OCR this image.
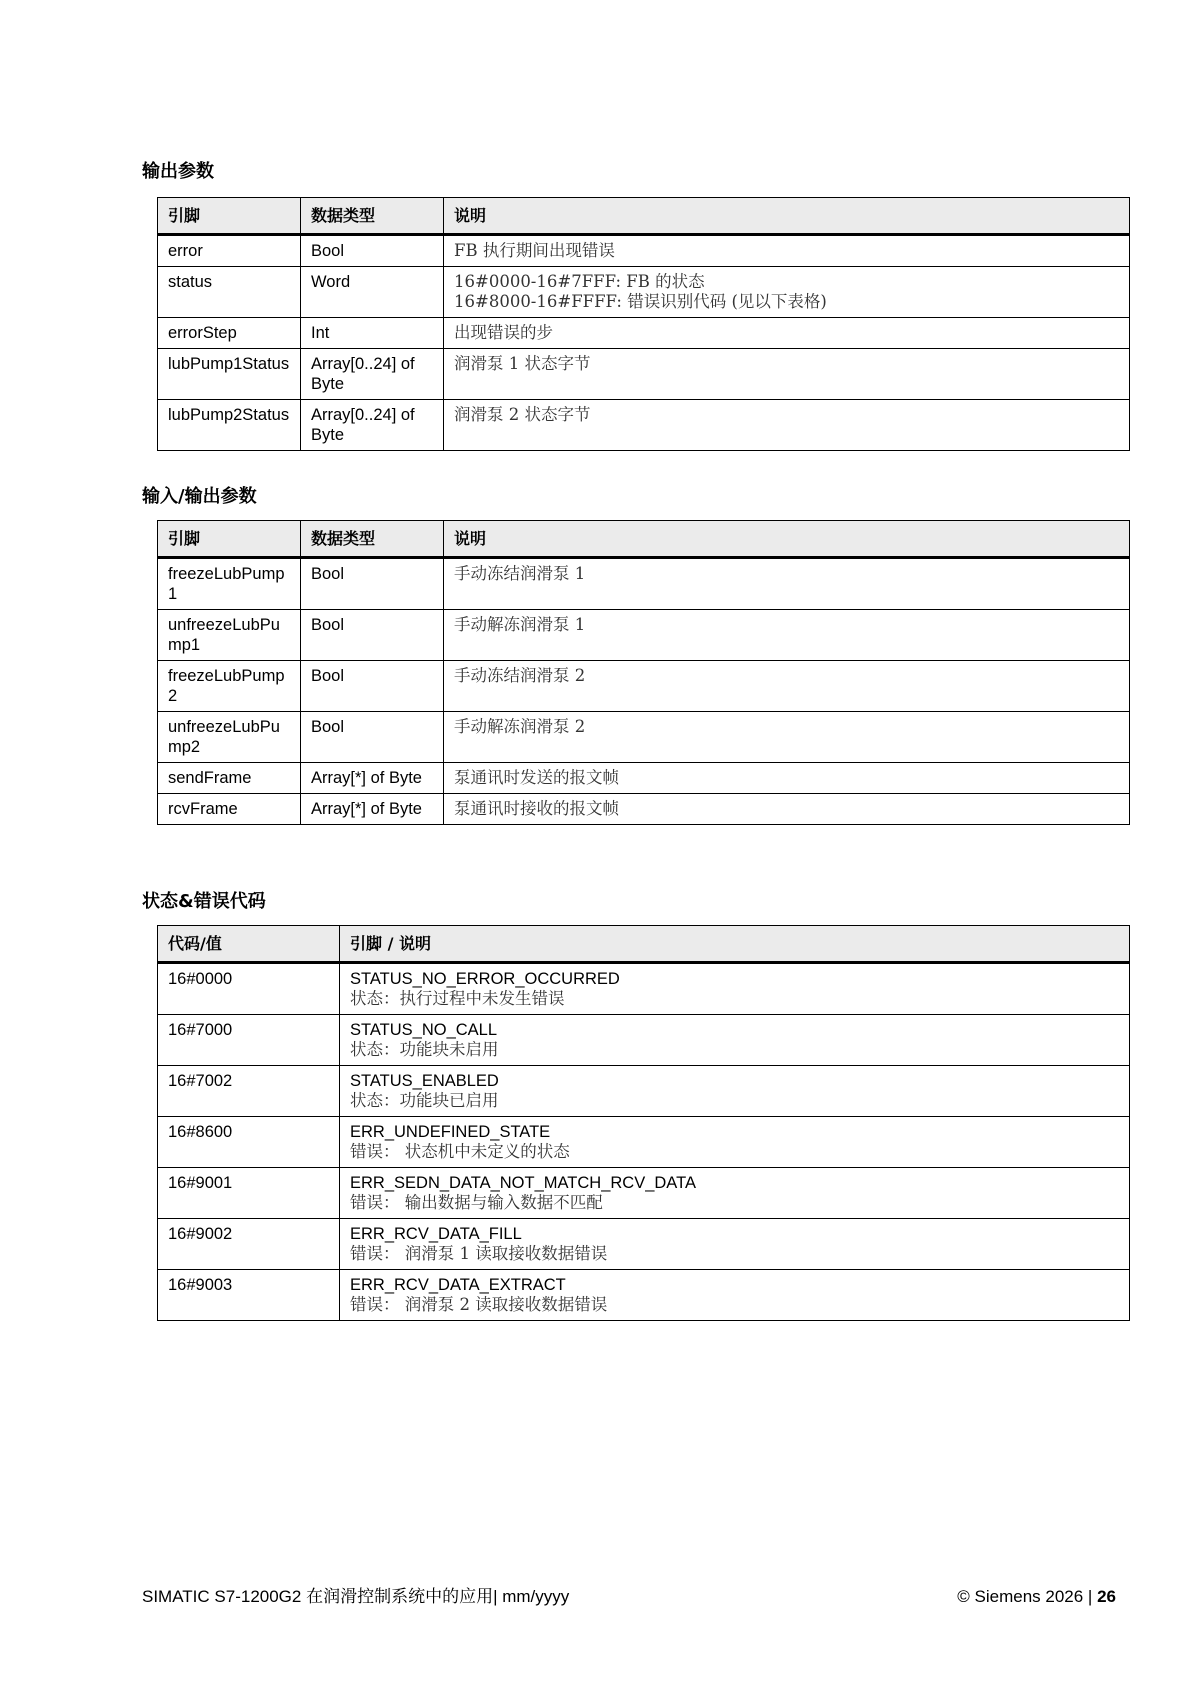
输出参数
引脚	数据类型	说明
error	Bool	FB 执行期间出现错误

status	Word	16#0000-16#7FFF: FB 的状态
16#8000-16#FFFF: 错误识别代码 (见以下表格)

errorStep	Int	出现错误的步

lubPump1Status	Array[0..24] of Byte	润滑泵 1 状态字节

lubPump2Status	Array[0..24] of Byte	润滑泵 2 状态字节
输入/输出参数
引脚	数据类型	说明
freezeLubPump1	Bool	手动冻结润滑泵 1

unfreezeLubPump1	Bool	手动解冻润滑泵 1

freezeLubPump2	Bool	手动冻结润滑泵 2

unfreezeLubPump2	Bool	手动解冻润滑泵 2

sendFrame	Array[*] of Byte	泵通讯时发送的报文帧

rcvFrame	Array[*] of Byte	泵通讯时接收的报文帧
状态&错误代码
代码/值	引脚 / 说明
16#0000	STATUS_NO_ERROR_OCCURRED
状态：执行过程中未发生错误

16#7000	STATUS_NO_CALL
状态：功能块未启用

16#7002	STATUS_ENABLED
状态：功能块已启用

16#8600	ERR_UNDEFINED_STATE
错误： 状态机中未定义的状态

16#9001	ERR_SEDN_DATA_NOT_MATCH_RCV_DATA
错误： 输出数据与输入数据不匹配

16#9002	ERR_RCV_DATA_FILL
错误： 润滑泵 1 读取接收数据错误

16#9003	ERR_RCV_DATA_EXTRACT
错误： 润滑泵 2 读取接收数据错误
SIMATIC S7-1200G2 在润滑控制系统中的应用| mm/yyyy	© Siemens 2026 | 26
